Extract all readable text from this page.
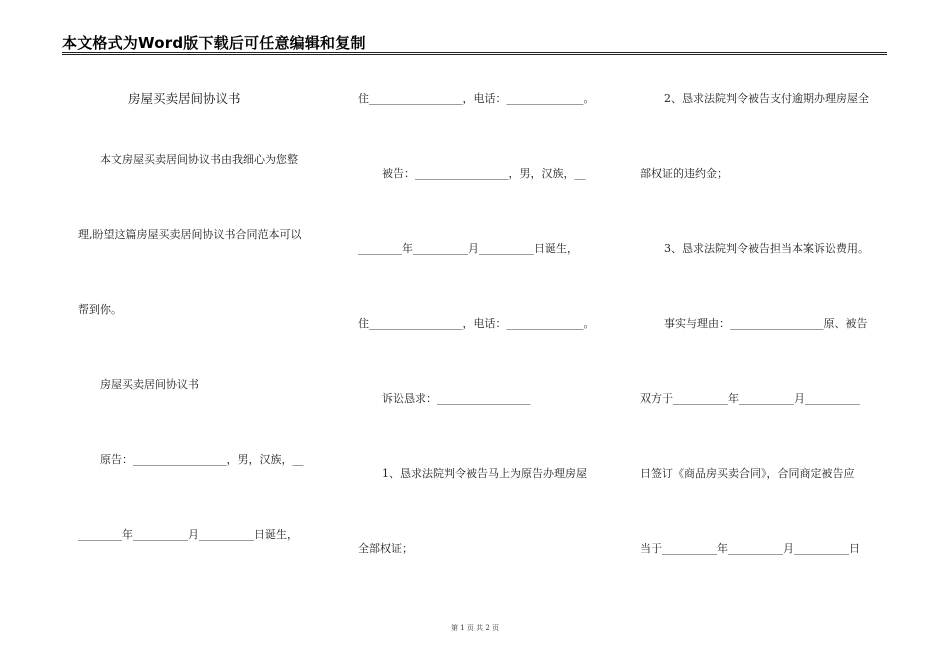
本文格式为Word版下载后可任意编辑和复制
房屋买卖居间协议书
本文房屋买卖居间协议书由我细心为您整
理,盼望这篇房屋买卖居间协议书合同范本可以
帮到你。
房屋买卖居间协议书
原告：_________________，男，汉族，__
________年__________月__________日诞生，
住_________________，电话：______________。
被告：_________________，男，汉族，__
________年__________月__________日诞生，
住_________________，电话：______________。
诉讼恳求：_________________
1、恳求法院判令被告马上为原告办理房屋
全部权证；
2、恳求法院判令被告支付逾期办理房屋全
部权证的违约金；
3、恳求法院判令被告担当本案诉讼费用。
事实与理由：_________________原、被告
双方于__________年__________月__________
日签订《商品房买卖合同》，合同商定被告应
当于__________年__________月__________日
第 1 页 共 2 页
